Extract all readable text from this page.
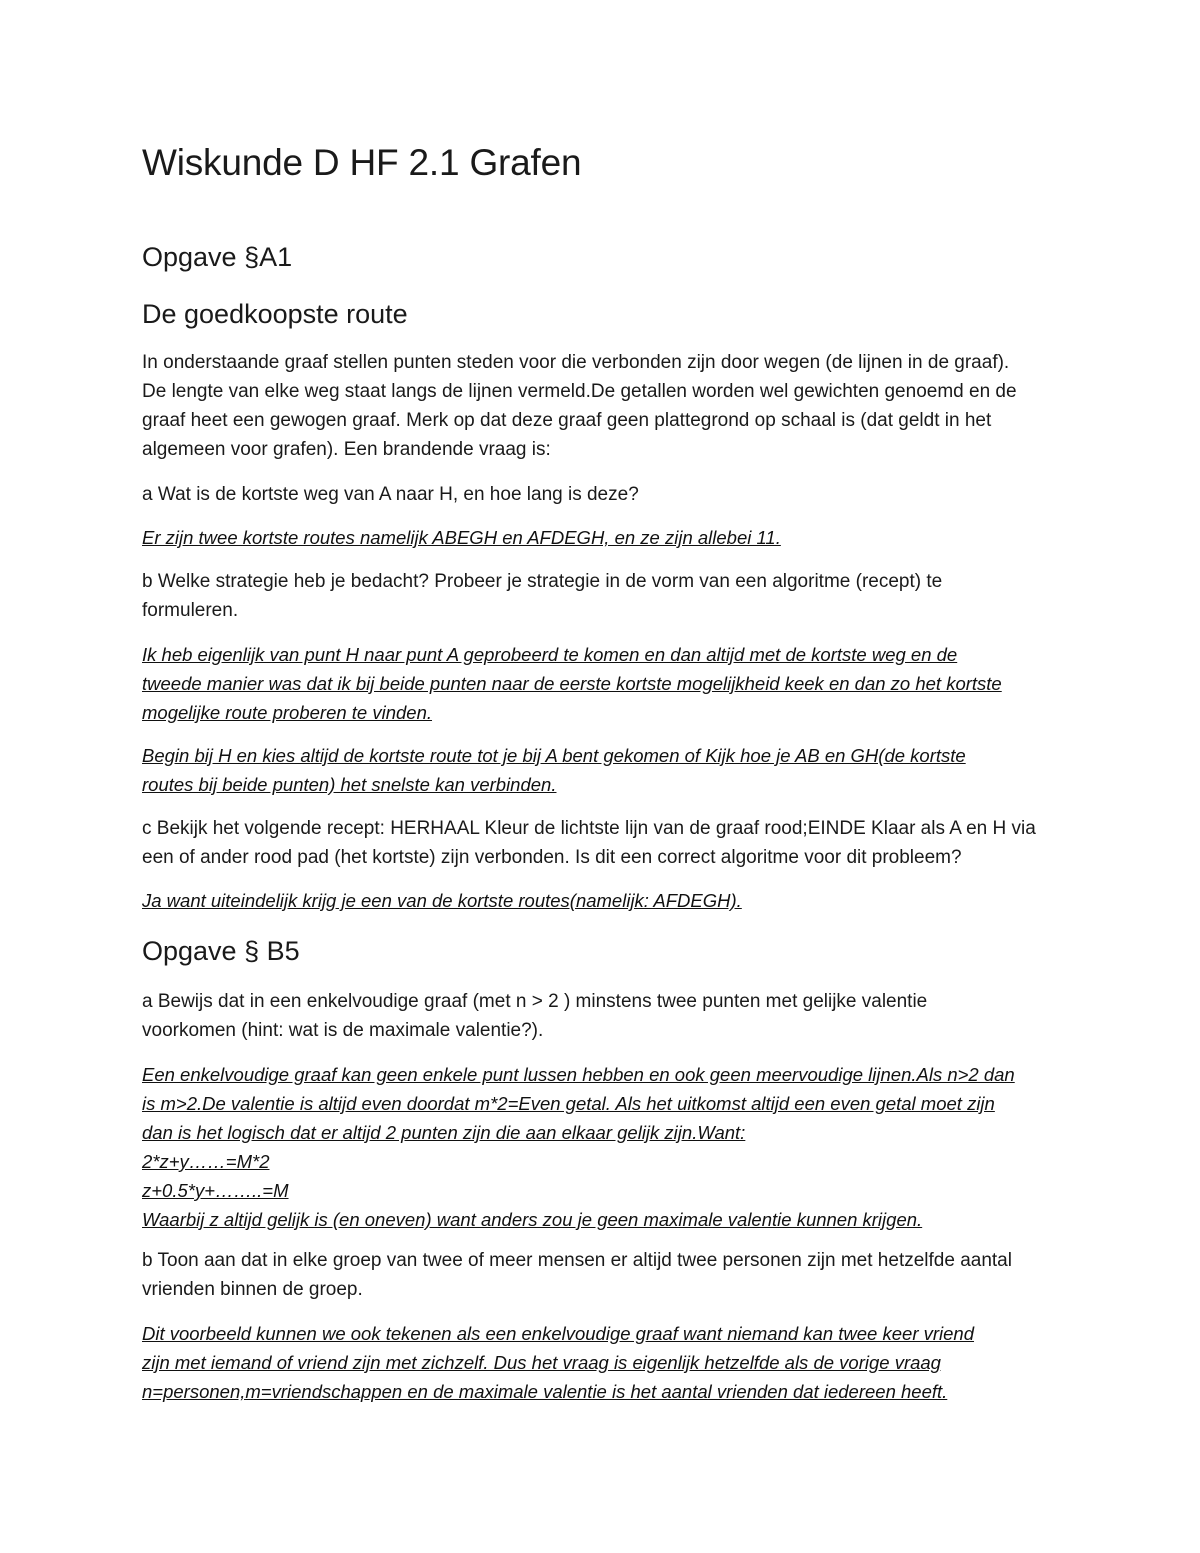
Wiskunde D HF 2.1 Grafen
Opgave §A1
De goedkoopste route
In onderstaande graaf stellen punten steden voor die verbonden zijn door wegen (de lijnen in de graaf).
De lengte van elke weg staat langs de lijnen vermeld.De getallen worden wel gewichten genoemd en de
graaf heet een gewogen graaf. Merk op dat deze graaf geen plattegrond op schaal is (dat geldt in het
algemeen voor grafen). Een brandende vraag is:
a Wat is de kortste weg van A naar H, en hoe lang is deze?
Er zijn twee kortste routes namelijk ABEGH en AFDEGH, en ze zijn allebei 11.
b Welke strategie heb je bedacht? Probeer je strategie in de vorm van een algoritme (recept) te
formuleren.
Ik heb eigenlijk van punt H naar punt A geprobeerd te komen en dan altijd met de kortste weg en de
tweede manier was dat ik bij beide punten naar de eerste kortste mogelijkheid keek en dan zo het kortste
mogelijke route proberen te vinden.
Begin bij H en kies altijd de kortste route tot je bij A bent gekomen of Kijk hoe je AB en GH(de kortste
routes bij beide punten) het snelste kan verbinden.
c Bekijk het volgende recept: HERHAAL Kleur de lichtste lijn van de graaf rood;EINDE Klaar als A en H via
een of ander rood pad (het kortste) zijn verbonden. Is dit een correct algoritme voor dit probleem?
Ja want uiteindelijk krijg je een van de kortste routes(namelijk: AFDEGH).
Opgave § B5
a Bewijs dat in een enkelvoudige graaf (met n > 2 ) minstens twee punten met gelijke valentie
voorkomen (hint: wat is de maximale valentie?).
Een enkelvoudige graaf kan geen enkele punt lussen hebben en ook geen meervoudige lijnen.Als n>2 dan
is m>2.De valentie is altijd even doordat m*2=Even getal. Als het uitkomst altijd een even getal moet zijn
dan is het logisch dat er altijd 2 punten zijn die aan elkaar gelijk zijn.Want:
2*z+y……=M*2
z+0.5*y+……..=M
Waarbij z altijd gelijk is (en oneven) want anders zou je geen maximale valentie kunnen krijgen.
b Toon aan dat in elke groep van twee of meer mensen er altijd twee personen zijn met hetzelfde aantal
vrienden binnen de groep.
Dit voorbeeld kunnen we ook tekenen als een enkelvoudige graaf want niemand kan twee keer vriend
zijn met iemand of vriend zijn met zichzelf. Dus het vraag is eigenlijk hetzelfde als de vorige vraag
n=personen,m=vriendschappen en de maximale valentie is het aantal vrienden dat iedereen heeft.
